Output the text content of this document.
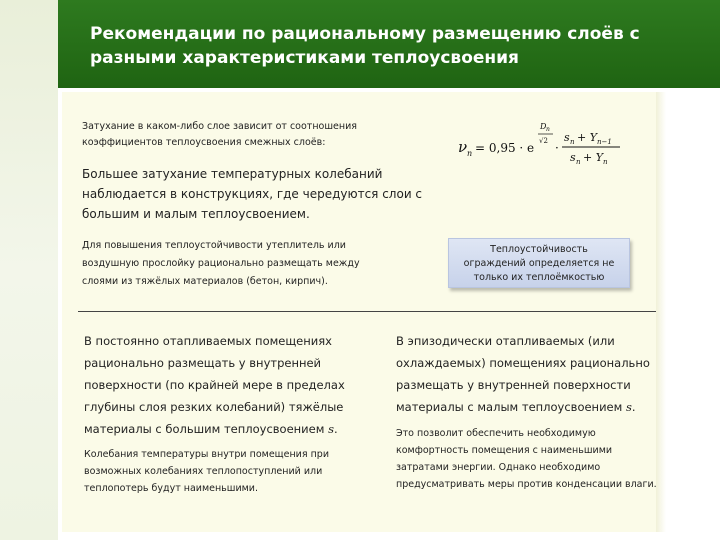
Рекомендации по рациональному размещению слоёв с
разными характеристиками теплоусвоения
Затухание в каком-либо слое зависит от соотношения
коэффициентов теплоусвоения смежных слоёв:	ν n = 0,95 · e
D n
√2 ·
s n + Y n−1
s n + Y n
Большее затухание температурных колебаний
наблюдается в конструкциях, где чередуются слои с
большим и малым теплоусвоением.
Для повышения теплоустойчивости утеплитель или
воздушную прослойку рационально размещать между
слоями из тяжёлых материалов (бетон, кирпич).
Теплоустойчивость
ограждений определяется не
только их теплоёмкостью
В постоянно отапливаемых помещениях
рационально размещать у внутренней
поверхности (по крайней мере в пределах
глубины слоя резких колебаний) тяжёлые
материалы с большим теплоусвоением s.
Колебания температуры внутри помещения при
возможных колебаниях теплопоступлений или
теплопотерь будут наименьшими.
В эпизодически отапливаемых (или
охлаждаемых) помещениях рационально
размещать у внутренней поверхности
материалы с малым теплоусвоением s.
Это позволит обеспечить необходимую
комфортность помещения с наименьшими
затратами энергии. Однако необходимо
предусматривать меры против конденсации влаги.
